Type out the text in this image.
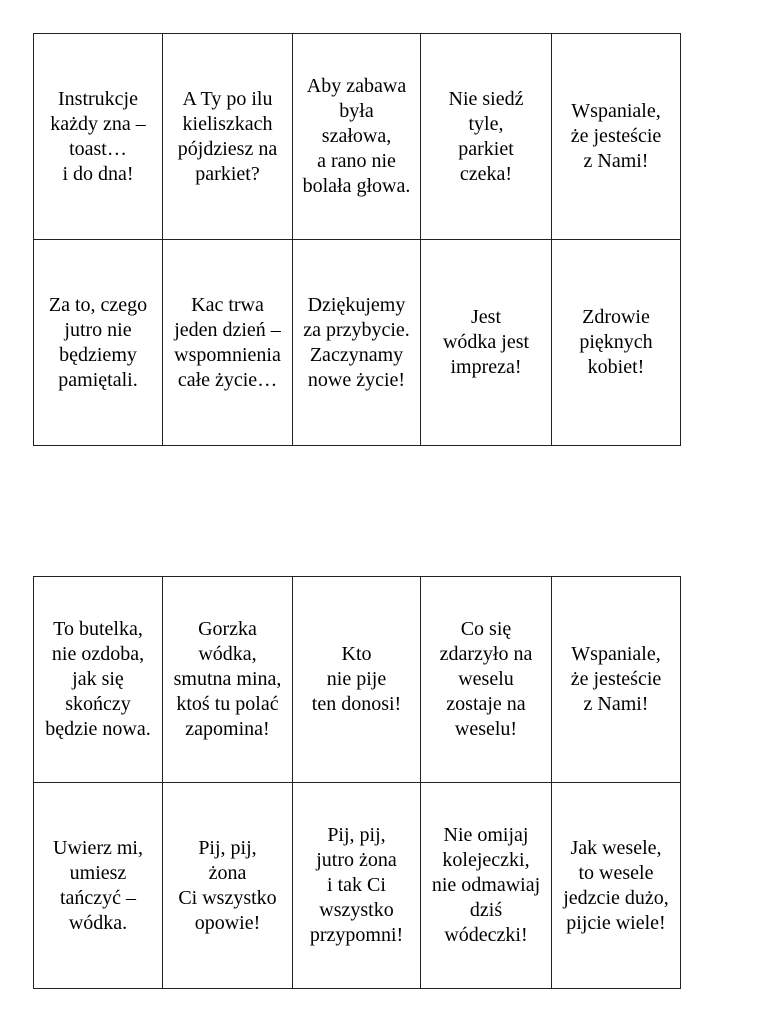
Instrukcje
każdy zna –
toast…
i do dna!
A Ty po ilu
kieliszkach
pójdziesz na
parkiet?
Aby zabawa
była
szałowa,
a rano nie
bolała głowa.
Nie siedź
tyle,
parkiet
czeka!
Wspaniale,
że jesteście
z Nami!
Za to, czego
jutro nie
będziemy
pamiętali.
Kac trwa
jeden dzień –
wspomnienia
całe życie…
Dziękujemy
za przybycie.
Zaczynamy
nowe życie!
Jest
wódka jest
impreza!
Zdrowie
pięknych
kobiet!
To butelka,
nie ozdoba,
jak się
skończy
będzie nowa.
Gorzka
wódka,
smutna mina,
ktoś tu polać
zapomina!
Kto
nie pije
ten donosi!
Co się
zdarzyło na
weselu
zostaje na
weselu!
Wspaniale,
że jesteście
z Nami!
Uwierz mi,
umiesz
tańczyć –
wódka.
Pij, pij,
żona
Ci wszystko
opowie!
Pij, pij,
jutro żona
i tak Ci
wszystko
przypomni!
Nie omijaj
kolejeczki,
nie odmawiaj
dziś
wódeczki!
Jak wesele,
to wesele
jedzcie dużo,
pijcie wiele!
